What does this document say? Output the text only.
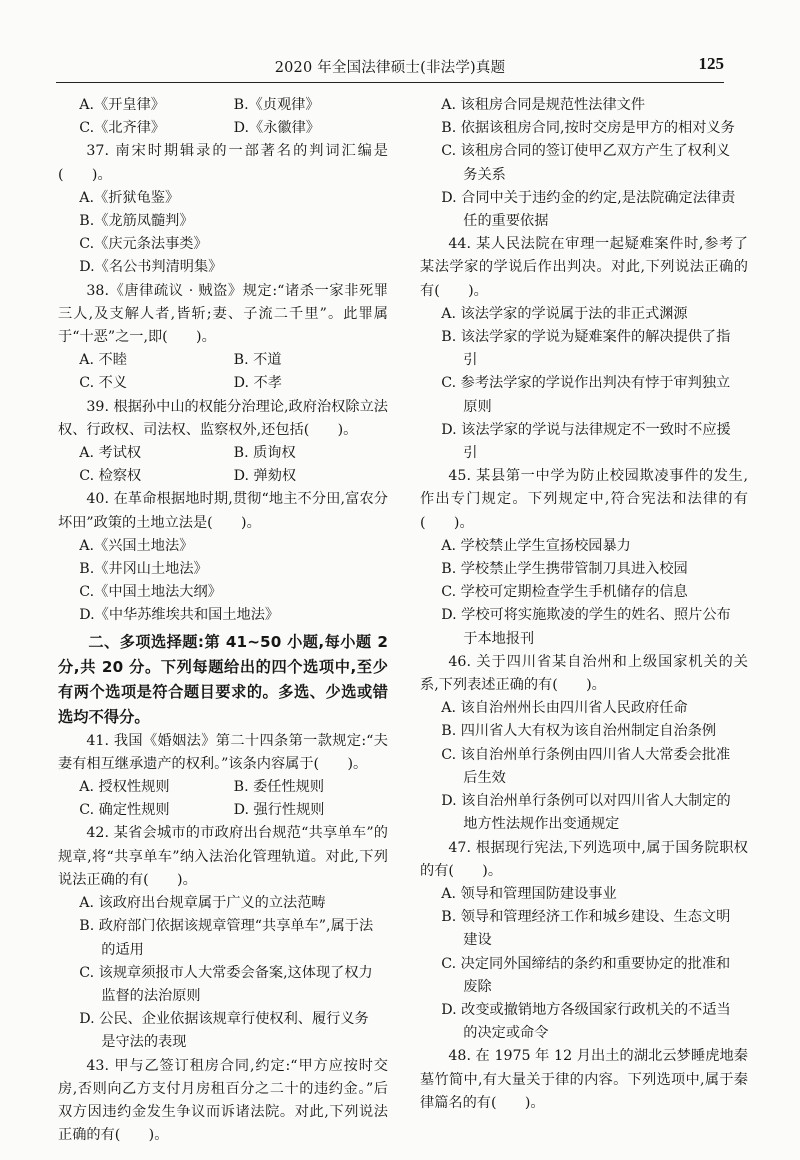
2020 年全国法律硕士(非法学)真题	125
A.《开皇律》	B.《贞观律》
C.《北齐律》	D.《永徽律》

37. 南宋时期辑录的一部著名的判词汇编是(　　)。

A.《折狱龟鉴》

B.《龙筋凤髓判》

C.《庆元条法事类》

D.《名公书判清明集》

38.《唐律疏议 · 贼盗》规定:“诸杀一家非死罪三人,及支解人者,皆斩;妻、子流二千里”。此罪属于“十恶”之一,即(　　)。

A. 不睦	B. 不道
C. 不义	D. 不孝

39. 根据孙中山的权能分治理论,政府治权除立法权、行政权、司法权、监察权外,还包括(　　)。

A. 考试权	B. 质询权
C. 检察权	D. 弹劾权

40. 在革命根据地时期,贯彻“地主不分田,富农分坏田”政策的土地立法是(　　)。

A.《兴国土地法》

B.《井冈山土地法》

C.《中国土地法大纲》

D.《中华苏维埃共和国土地法》

二、多项选择题:第 41~50 小题,每小题 2 分,共 20 分。下列每题给出的四个选项中,至少有两个选项是符合题目要求的。多选、少选或错选均不得分。

41. 我国《婚姻法》第二十四条第一款规定:“夫妻有相互继承遗产的权利。”该条内容属于(　　)。

A. 授权性规则	B. 委任性规则
C. 确定性规则	D. 强行性规则

42. 某省会城市的市政府出台规范“共享单车”的规章,将“共享单车”纳入法治化管理轨道。对此,下列说法正确的有(　　)。

A. 该政府出台规章属于广义的立法范畴

B. 政府部门依据该规章管理“共享单车”,属于法的适用

C. 该规章须报市人大常委会备案,这体现了权力监督的法治原则

D. 公民、企业依据该规章行使权利、履行义务是守法的表现

43. 甲与乙签订租房合同,约定:“甲方应按时交房,否则向乙方支付月房租百分之二十的违约金。”后双方因违约金发生争议而诉诸法院。对此,下列说法正确的有(　　)。

A. 该租房合同是规范性法律文件

B. 依据该租房合同,按时交房是甲方的相对义务

C. 该租房合同的签订使甲乙双方产生了权利义务关系

D. 合同中关于违约金的约定,是法院确定法律责任的重要依据

44. 某人民法院在审理一起疑难案件时,参考了某法学家的学说后作出判决。对此,下列说法正确的有(　　)。

A. 该法学家的学说属于法的非正式渊源

B. 该法学家的学说为疑难案件的解决提供了指引

C. 参考法学家的学说作出判决有悖于审判独立原则

D. 该法学家的学说与法律规定不一致时不应援引

45. 某县第一中学为防止校园欺凌事件的发生,作出专门规定。下列规定中,符合宪法和法律的有(　　)。

A. 学校禁止学生宣扬校园暴力

B. 学校禁止学生携带管制刀具进入校园

C. 学校可定期检查学生手机储存的信息

D. 学校可将实施欺凌的学生的姓名、照片公布于本地报刊

46. 关于四川省某自治州和上级国家机关的关系,下列表述正确的有(　　)。

A. 该自治州州长由四川省人民政府任命

B. 四川省人大有权为该自治州制定自治条例

C. 该自治州单行条例由四川省人大常委会批准后生效

D. 该自治州单行条例可以对四川省人大制定的地方性法规作出变通规定

47. 根据现行宪法,下列选项中,属于国务院职权的有(　　)。

A. 领导和管理国防建设事业

B. 领导和管理经济工作和城乡建设、生态文明建设

C. 决定同外国缔结的条约和重要协定的批准和废除

D. 改变或撤销地方各级国家行政机关的不适当的决定或命令

48. 在 1975 年 12 月出土的湖北云梦睡虎地秦墓竹简中,有大量关于律的内容。下列选项中,属于秦律篇名的有(　　)。
